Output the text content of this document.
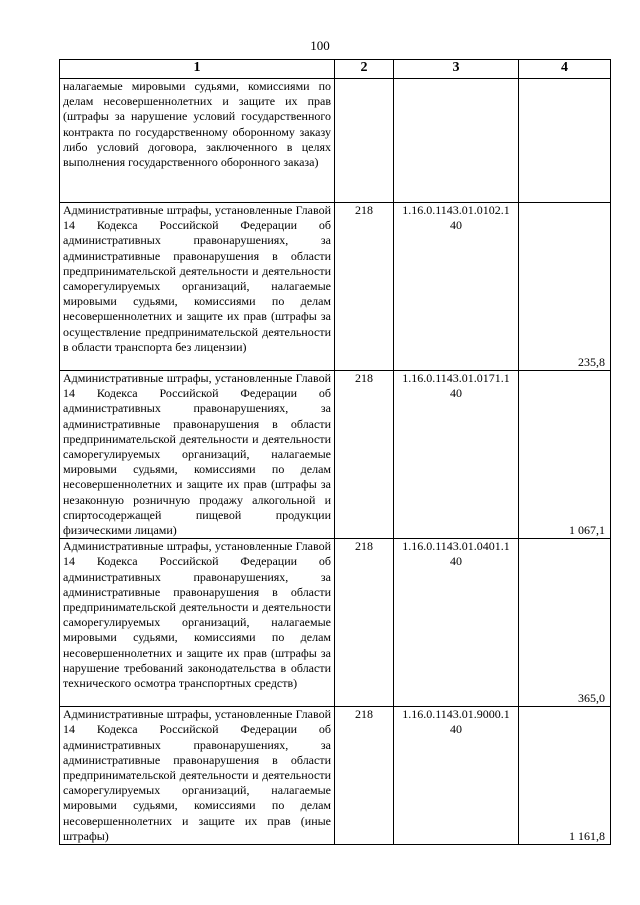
100
1	2	3	4
налагаемые мировыми судьями, комиссиями по делам несовершеннолетних и защите их прав (штрафы за нарушение условий государственного контракта по государственному оборонному заказу либо условий договора, заключенного в целях выполнения государственного оборонного заказа)			
Административные штрафы, установленные Главой 14 Кодекса Российской Федерации об административных правонарушениях, за административные правонарушения в области предпринимательской деятельности и деятельности саморегулируемых организаций, налагаемые мировыми судьями, комиссиями по делам несовершеннолетних и защите их прав (штрафы за осуществление предпринимательской деятельности в области транспорта без лицензии)	218	1.16.0.1143.01.0102.140	235,8
Административные штрафы, установленные Главой 14 Кодекса Российской Федерации об административных правонарушениях, за административные правонарушения в области предпринимательской деятельности и деятельности саморегулируемых организаций, налагаемые мировыми судьями, комиссиями по делам несовершеннолетних и защите их прав (штрафы за незаконную розничную продажу алкогольной и спиртосодержащей пищевой продукции физическими лицами)	218	1.16.0.1143.01.0171.140	1 067,1
Административные штрафы, установленные Главой 14 Кодекса Российской Федерации об административных правонарушениях, за административные правонарушения в области предпринимательской деятельности и деятельности саморегулируемых организаций, налагаемые мировыми судьями, комиссиями по делам несовершеннолетних и защите их прав (штрафы за нарушение требований законодательства в области технического осмотра транспортных средств)	218	1.16.0.1143.01.0401.140	365,0
Административные штрафы, установленные Главой 14 Кодекса Российской Федерации об административных правонарушениях, за административные правонарушения в области предпринимательской деятельности и деятельности саморегулируемых организаций, налагаемые мировыми судьями, комиссиями по делам несовершеннолетних и защите их прав (иные штрафы)	218	1.16.0.1143.01.9000.140	1 161,8
